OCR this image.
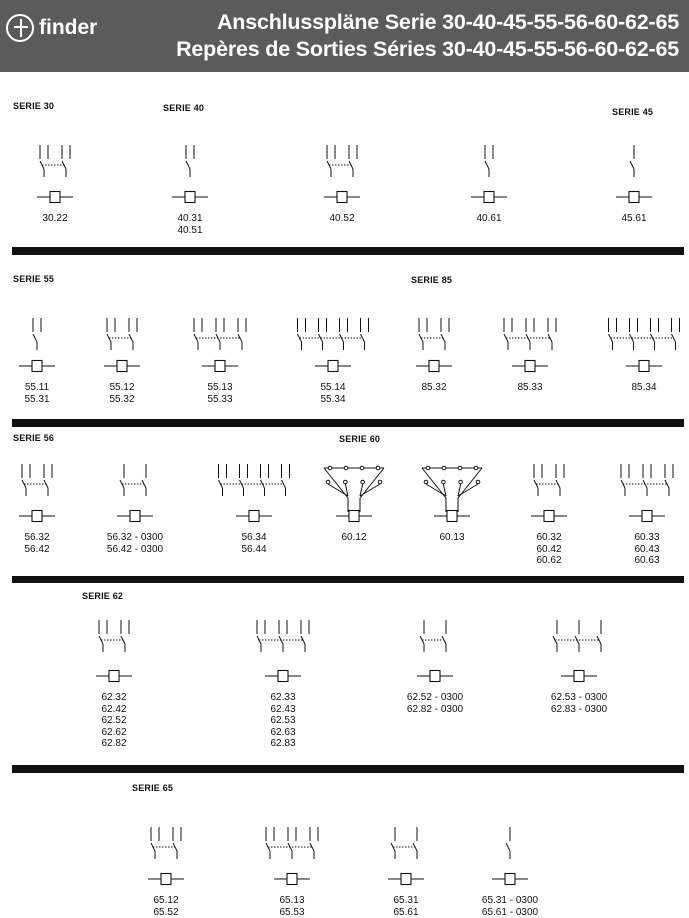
finder	Anschlusspläne Serie 30-40-45-55-56-60-62-65
Repères de Sorties Séries 30-40-45-55-56-60-62-65
SERIE 30	SERIE 40	SERIE 45
SERIE 55	SERIE 85
SERIE 56	SERIE 60
SERIE 62
SERIE 65
30.22	40.31
40.51
40.52	40.61	45.61
55.11
55.31
55.12
55.32
55.13
55.33
55.14
55.34
85.32	85.33	85.34
56.32
56.42
56.32 - 0300
56.42 - 0300
56.34
56.44
60.12	60.13	60.32
60.42
60.62
60.33
60.43
60.63
62.32
62.42
62.52
62.62
62.82
62.33
62.43
62.53
62.63
62.83
62.52 - 0300
62.82 - 0300
62.53 - 0300
62.83 - 0300
65.12
65.52
65.13
65.53
65.31
65.61
65.31 - 0300
65.61 - 0300
